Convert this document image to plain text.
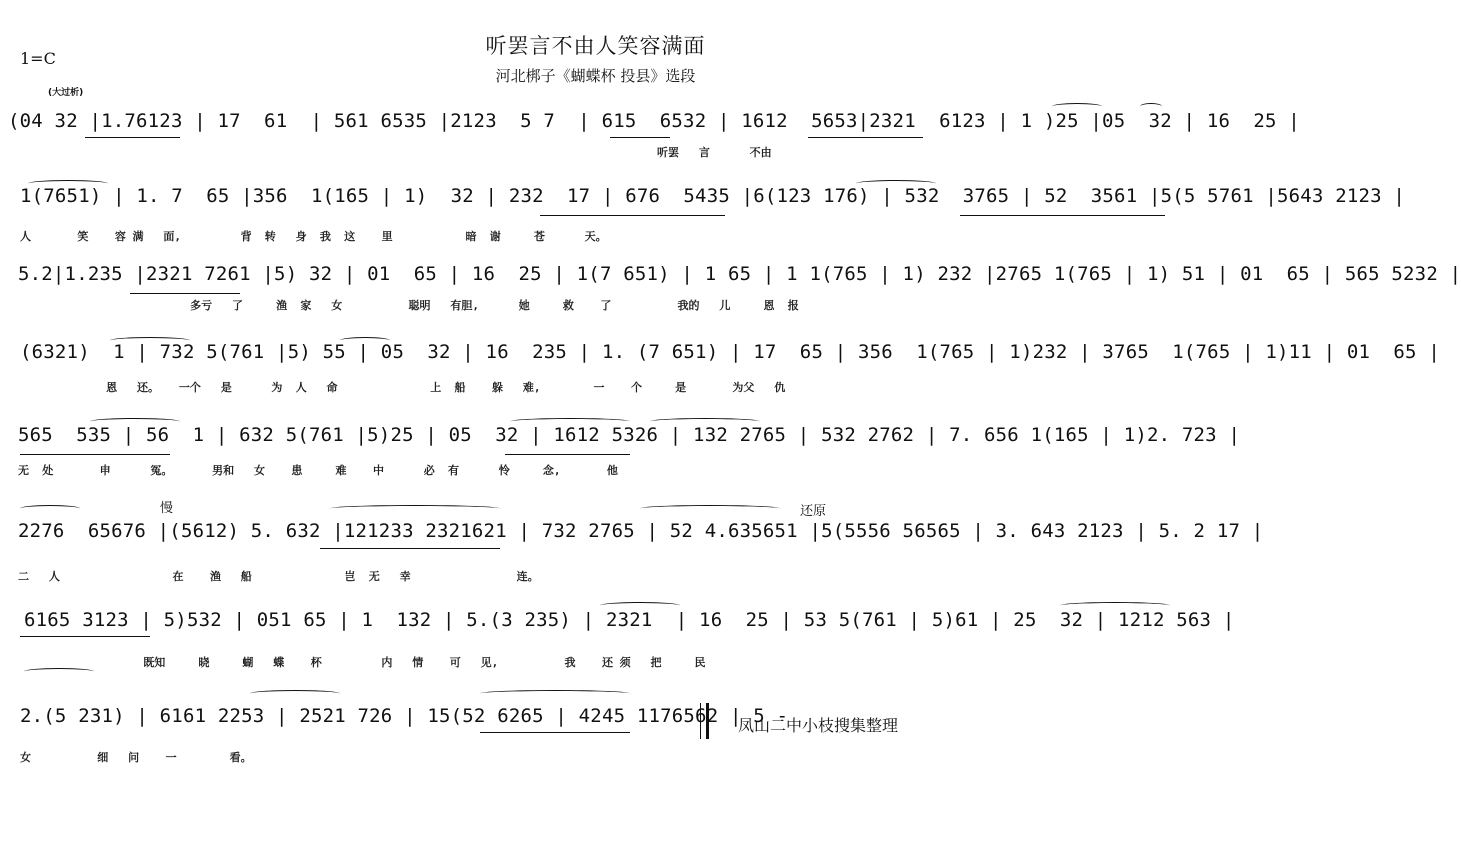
听罢言不由人笑容满面
河北梆子《蝴蝶杯 投县》选段
1=C
(大过析)
(04 32 |1.76123 | 17  61  | 561 6535 |2123  5 7  | 615  6532 | 1612  5653|2321  6123 | 1 )25 |05  32 | 16  25 |
听罢   言      不由
1(7651) | 1. 7  65 |356  1(165 | 1)  32 | 232  17 | 676  5435 |6(123 176) | 532  3765 | 52  3561 |5(5 5761 |5643 2123 |
人       笑    容 满   面,         背  转   身  我  这    里           暗  谢     苍      天。
5.2|1.235 |2321 7261 |5) 32 | 01  65 | 16  25 | 1(7 651) | 1 65 | 1 1(765 | 1) 232 |2765 1(765 | 1) 51 | 01  65 | 565 5232 |
多亏   了     渔  家   女          聪明   有胆,      她     救    了          我的   儿     恩  报
(6321)  1 | 732 5(761 |5) 55 | 05  32 | 16  235 | 1. (7 651) | 17  65 | 356  1(765 | 1)232 | 3765  1(765 | 1)11 | 01  65 |
恩   还。   一个   是      为  人   命              上  船    躲   难,        一    个     是       为父   仇
565  535 | 56  1 | 632 5(761 |5)25 | 05  32 | 1612 5326 | 132 2765 | 532 2762 | 7. 656 1(165 | 1)2. 723 |
无  处       申      冤。      男和   女    患     难    中      必  有      怜     念,       他
2276  65676 |(5612) 5. 632 |121233 2321621 | 732 2765 | 52 4.635651 |5(5556 56565 | 3. 643 2123 | 5. 2 17 |
二   人                 在    渔   船              岂  无   幸                连。
6165 3123 | 5)532 | 051 65 | 1  132 | 5.(3 235) | 2321  | 16  25 | 53 5(761 | 5)61 | 25  32 | 1212 563 |
既知     晓     蝴   蝶    杯         内   情    可   见,          我    还 须   把     民
2.(5 231) | 6161 2253 | 2521 726 | 15(52 6265 | 4245 1176562 | 5 -
女          细   问    一        看。
慢	还原
凤山二中小枝搜集整理
